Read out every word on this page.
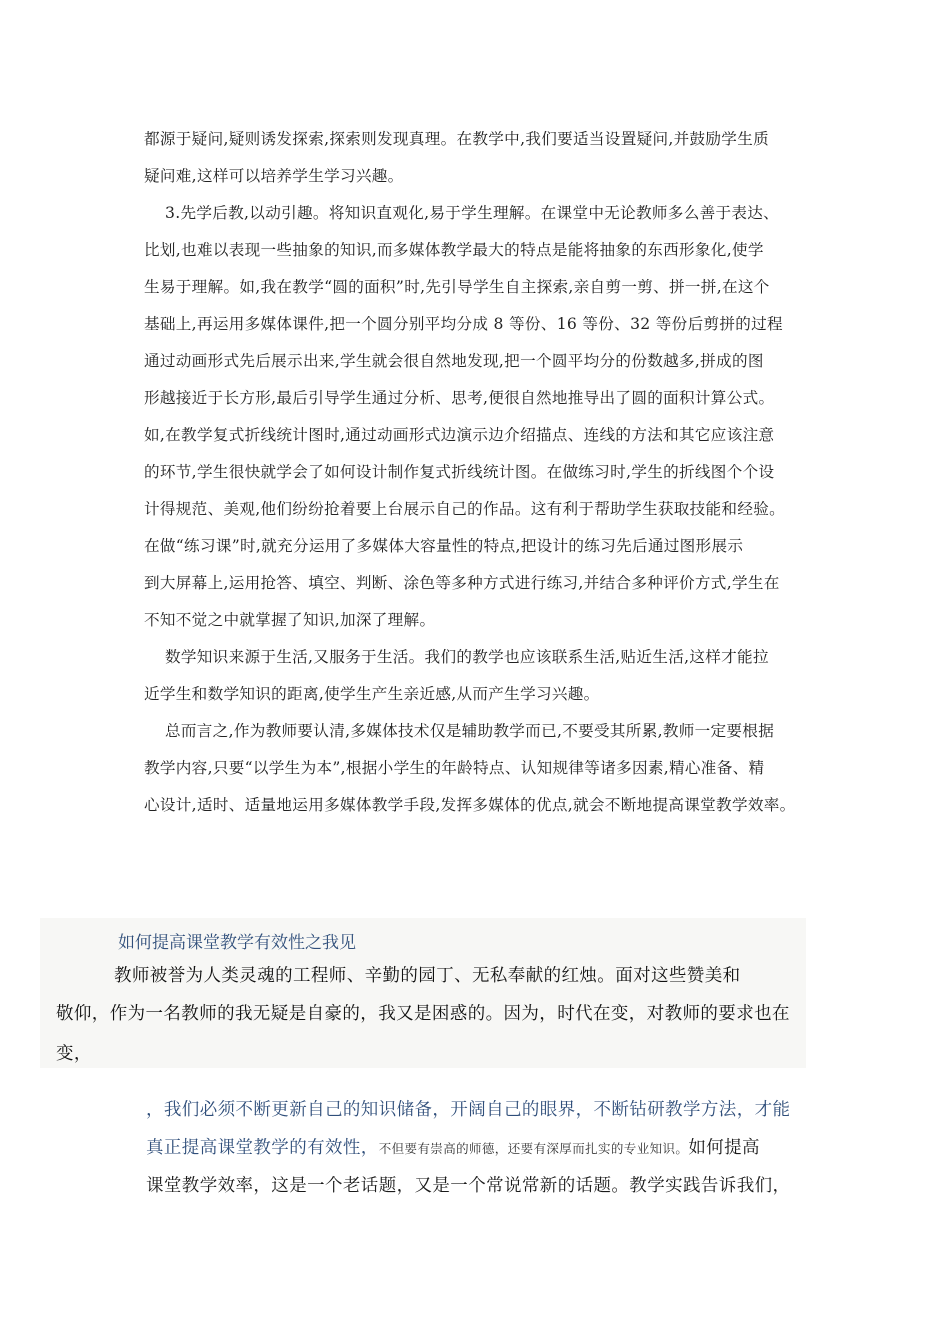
都源于疑问,疑则诱发探索,探索则发现真理。在教学中,我们要适当设置疑问,并鼓励学生质
疑问难,这样可以培养学生学习兴趣。
3.先学后教,以动引趣。将知识直观化,易于学生理解。在课堂中无论教师多么善于表达、
比划,也难以表现一些抽象的知识,而多媒体教学最大的特点是能将抽象的东西形象化,使学
生易于理解。如,我在教学“圆的面积”时,先引导学生自主探索,亲自剪一剪、拼一拼,在这个
基础上,再运用多媒体课件,把一个圆分别平均分成 8 等份、16 等份、32 等份后剪拼的过程
通过动画形式先后展示出来,学生就会很自然地发现,把一个圆平均分的份数越多,拼成的图
形越接近于长方形,最后引导学生通过分析、思考,便很自然地推导出了圆的面积计算公式。
如,在教学复式折线统计图时,通过动画形式边演示边介绍描点、连线的方法和其它应该注意
的环节,学生很快就学会了如何设计制作复式折线统计图。在做练习时,学生的折线图个个设
计得规范、美观,他们纷纷抢着要上台展示自己的作品。这有利于帮助学生获取技能和经验。
在做“练习课”时,就充分运用了多媒体大容量性的特点,把设计的练习先后通过图形展示
到大屏幕上,运用抢答、填空、判断、涂色等多种方式进行练习,并结合多种评价方式,学生在
不知不觉之中就掌握了知识,加深了理解。
数学知识来源于生活,又服务于生活。我们的教学也应该联系生活,贴近生活,这样才能拉
近学生和数学知识的距离,使学生产生亲近感,从而产生学习兴趣。
总而言之,作为教师要认清,多媒体技术仅是辅助教学而已,不要受其所累,教师一定要根据
教学内容,只要“以学生为本”,根据小学生的年龄特点、认知规律等诸多因素,精心准备、精
心设计,适时、适量地运用多媒体教学手段,发挥多媒体的优点,就会不断地提高课堂教学效率。
如何提高课堂教学有效性之我见
教师被誉为人类灵魂的工程师、辛勤的园丁、无私奉献的红烛。面对这些赞美和
敬仰，作为一名教师的我无疑是自豪的，我又是困惑的。因为，时代在变，对教师的要求也在
变，
，我们必须不断更新自己的知识储备，开阔自己的眼界，不断钻研教学方法，才能
真正提高课堂教学的有效性，不但要有崇高的师德，还要有深厚而扎实的专业知识。如何提高
课堂教学效率，这是一个老话题，又是一个常说常新的话题。教学实践告诉我们，
